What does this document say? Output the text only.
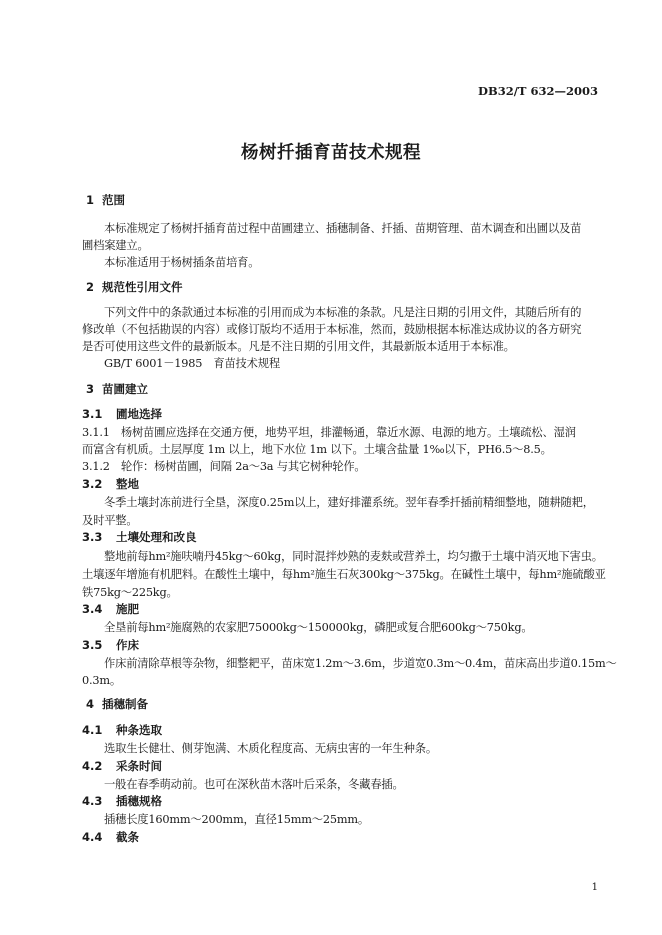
DB32/T 632—2003
杨树扦插育苗技术规程
1 范围
本标准规定了杨树扦插育苗过程中苗圃建立、插穗制备、扦插、苗期管理、苗木调查和出圃以及苗
圃档案建立。
本标准适用于杨树插条苗培育。
2 规范性引用文件
下列文件中的条款通过本标准的引用而成为本标准的条款。凡是注日期的引用文件，其随后所有的
修改单（不包括勘误的内容）或修订版均不适用于本标准，然而，鼓励根据本标准达成协议的各方研究
是否可使用这些文件的最新版本。凡是不注日期的引用文件，其最新版本适用于本标准。
GB/T 6001－1985　育苗技术规程
3 苗圃建立
3.1 圃地选择
3.1.1　杨树苗圃应选择在交通方便，地势平坦，排灌畅通，靠近水源、电源的地方。土壤疏松、湿润
而富含有机质。土层厚度 1m 以上，地下水位 1m 以下。土壤含盐量 1‰以下，PH6.5～8.5。
3.1.2　轮作：杨树苗圃，间隔 2a～3a 与其它树种轮作。
3.2 整地
冬季土壤封冻前进行全垦，深度0.25m以上，建好排灌系统。翌年春季扦插前精细整地，随耕随耙，
及时平整。
3.3 土壤处理和改良
整地前每hm²施呋喃丹45kg～60kg，同时混拌炒熟的麦麸或营养土，均匀撒于土壤中消灭地下害虫。
土壤逐年增施有机肥料。在酸性土壤中，每hm²施生石灰300kg～375kg。在碱性土壤中，每hm²施硫酸亚
铁75kg～225kg。
3.4 施肥
全垦前每hm²施腐熟的农家肥75000kg～150000kg，磷肥或复合肥600kg～750kg。
3.5 作床
作床前清除草根等杂物，细整耙平，苗床宽1.2m～3.6m，步道宽0.3m～0.4m，苗床高出步道0.15m～
0.3m。
4 插穗制备
4.1 种条选取
选取生长健壮、侧芽饱满、木质化程度高、无病虫害的一年生种条。
4.2 采条时间
一般在春季萌动前。也可在深秋苗木落叶后采条，冬藏春插。
4.3 插穗规格
插穗长度160mm～200mm，直径15mm～25mm。
4.4 截条
1
